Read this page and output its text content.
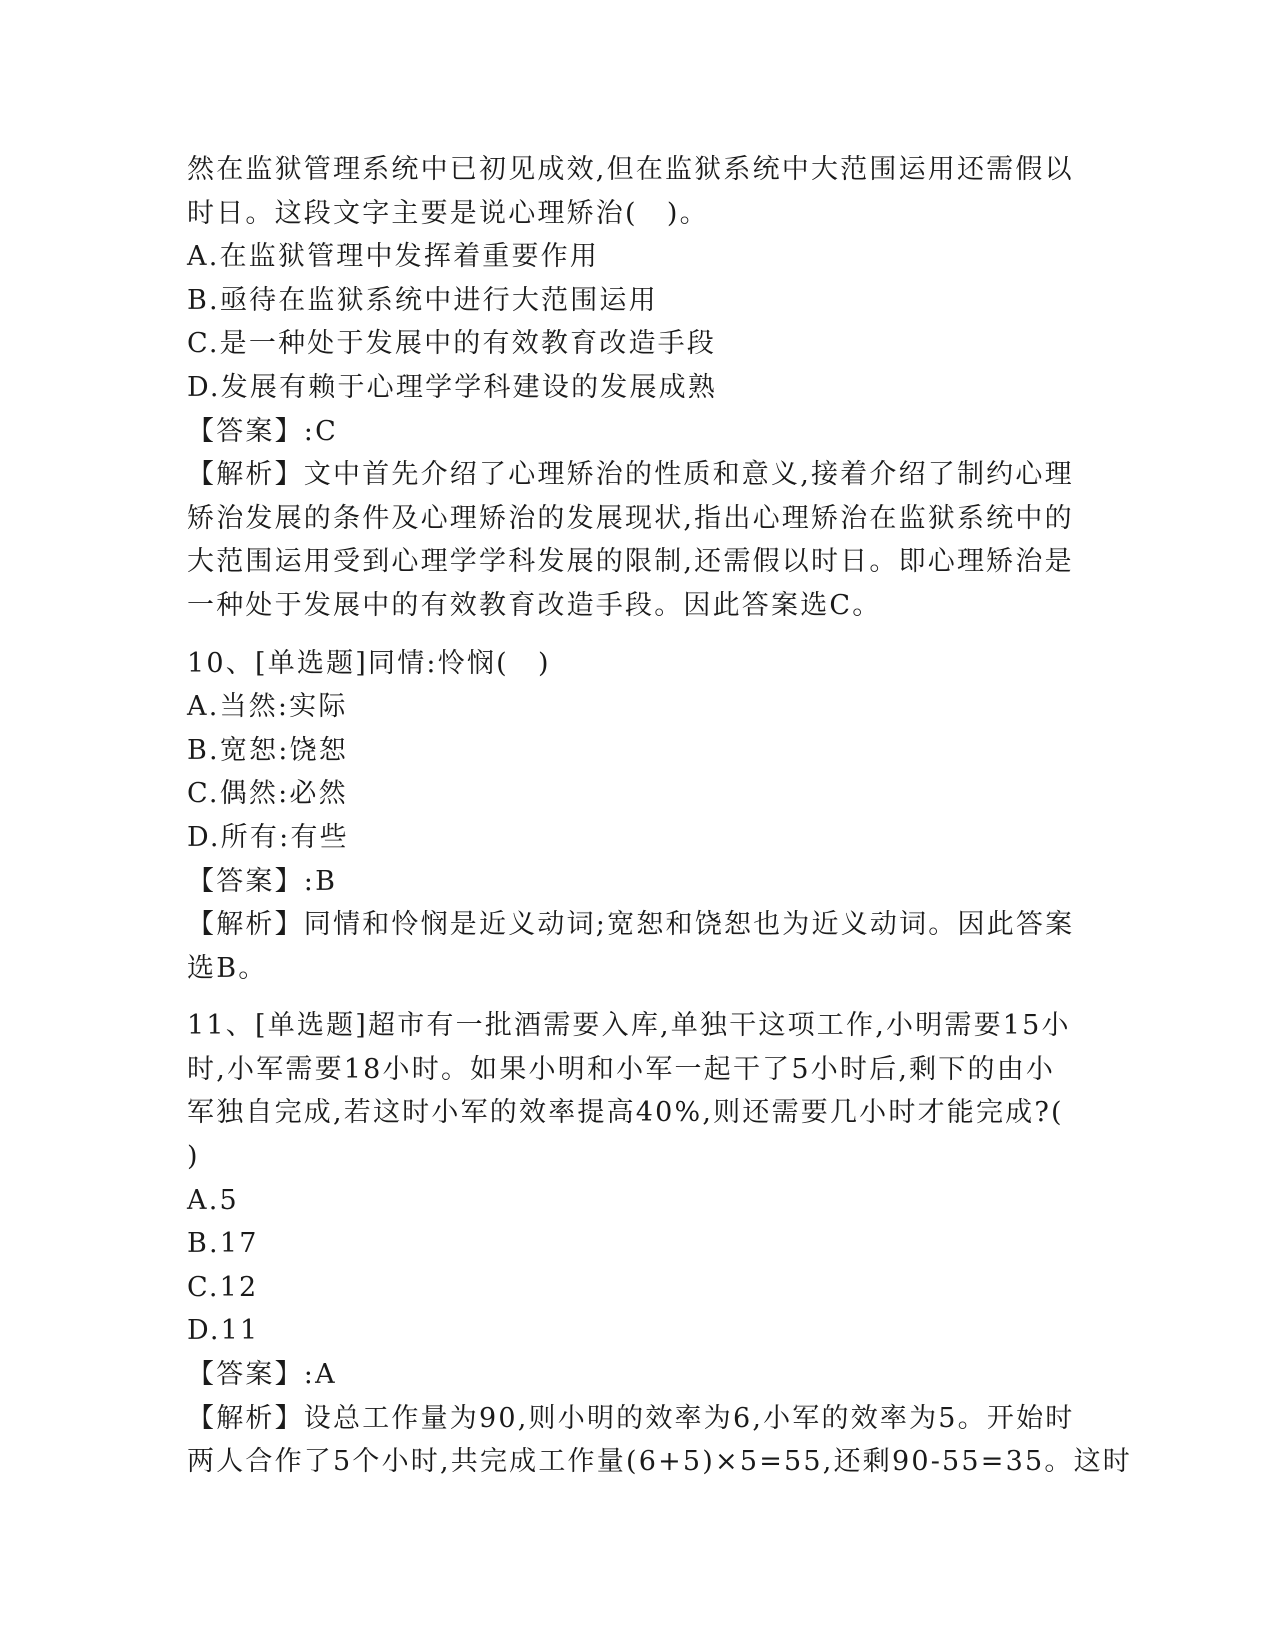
然在监狱管理系统中已初见成效,但在监狱系统中大范围运用还需假以
时日。这段文字主要是说心理矫治(　)。
A.在监狱管理中发挥着重要作用
B.亟待在监狱系统中进行大范围运用
C.是一种处于发展中的有效教育改造手段
D.发展有赖于心理学学科建设的发展成熟
【答案】:C
【解析】文中首先介绍了心理矫治的性质和意义,接着介绍了制约心理
矫治发展的条件及心理矫治的发展现状,指出心理矫治在监狱系统中的
大范围运用受到心理学学科发展的限制,还需假以时日。即心理矫治是
一种处于发展中的有效教育改造手段。因此答案选C。
10、[单选题]同情:怜悯(　)
A.当然:实际
B.宽恕:饶恕
C.偶然:必然
D.所有:有些
【答案】:B
【解析】同情和怜悯是近义动词;宽恕和饶恕也为近义动词。因此答案
选B。
11、[单选题]超市有一批酒需要入库,单独干这项工作,小明需要15小
时,小军需要18小时。如果小明和小军一起干了5小时后,剩下的由小
军独自完成,若这时小军的效率提高40%,则还需要几小时才能完成?(
)
A.5
B.17
C.12
D.11
【答案】:A
【解析】设总工作量为90,则小明的效率为6,小军的效率为5。开始时
两人合作了5个小时,共完成工作量(6+5)×5=55,还剩90-55=35。这时
